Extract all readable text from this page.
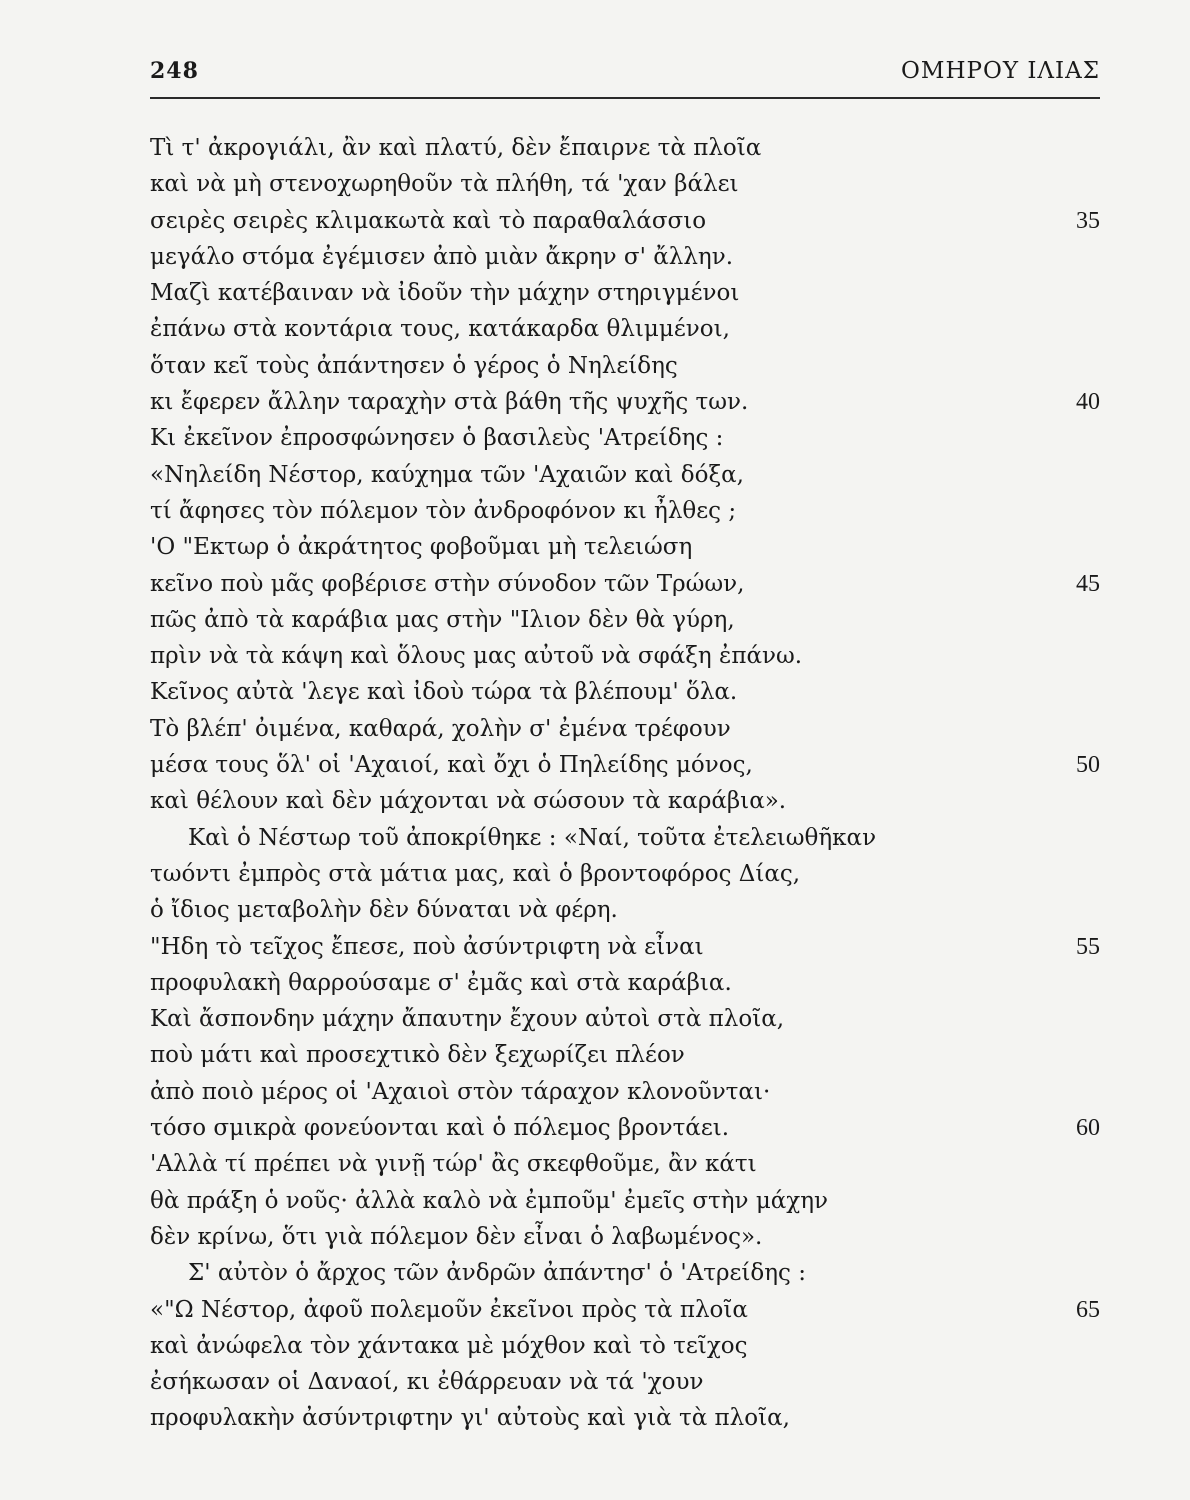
248	ΟΜΗΡΟΥ ΙΛΙΑΣ
Τὶ τ' ἀκρογιάλι, ἂν καὶ πλατύ, δὲν ἔπαιρνε τὰ πλοῖα
καὶ νὰ μὴ στενοχωρηθοῦν τὰ πλήθη, τά 'χαν βάλει
σειρὲς σειρὲς κλιμακωτὰ καὶ τὸ παραθαλάσσιο	35
μεγάλο στόμα ἐγέμισεν ἀπὸ μιὰν ἄκρην σ' ἄλλην.
Μαζὶ κατέβαιναν νὰ ἰδοῦν τὴν μάχην στηριγμένοι
ἐπάνω στὰ κοντάρια τους, κατάκαρδα θλιμμένοι,
ὅταν κεῖ τοὺς ἀπάντησεν ὁ γέρος ὁ Νηλείδης
κι ἔφερεν ἄλλην ταραχὴν στὰ βάθη τῆς ψυχῆς των.	40
Κι ἐκεῖνον ἐπροσφώνησεν ὁ βασιλεὺς 'Ατρείδης :
«Νηλείδη Νέστορ, καύχημα τῶν 'Αχαιῶν καὶ δόξα,
τί ἄφησες τὸν πόλεμον τὸν ἀνδροφόνον κι ἦλθες ;
'Ο "Εκτωρ ὁ ἀκράτητος φοβοῦμαι μὴ τελειώση
κεῖνο ποὺ μᾶς φοβέρισε στὴν σύνοδον τῶν Τρώων,	45
πῶς ἀπὸ τὰ καράβια μας στὴν "Ιλιον δὲν θὰ γύρη,
πρὶν νὰ τὰ κάψη καὶ ὅλους μας αὐτοῦ νὰ σφάξη ἐπάνω.
Κεῖνος αὐτὰ 'λεγε καὶ ἰδοὺ τώρα τὰ βλέπουμ' ὅλα.
Τὸ βλέπ' ὀιμένα, καθαρά, χολὴν σ' ἐμένα τρέφουν
μέσα τους ὅλ' οἱ 'Αχαιοί, καὶ ὄχι ὁ Πηλείδης μόνος,	50
καὶ θέλουν καὶ δὲν μάχονται νὰ σώσουν τὰ καράβια».
Καὶ ὁ Νέστωρ τοῦ ἀποκρίθηκε : «Ναί, τοῦτα ἐτελειωθῆκαν
τωόντι ἐμπρὸς στὰ μάτια μας, καὶ ὁ βροντοφόρος Δίας,
ὁ ἴδιος μεταβολὴν δὲν δύναται νὰ φέρη.
"Ηδη τὸ τεῖχος ἔπεσε, ποὺ ἀσύντριφτη νὰ εἶναι	55
προφυλακὴ θαρρούσαμε σ' ἐμᾶς καὶ στὰ καράβια.
Καὶ ἄσπονδην μάχην ἄπαυτην ἔχουν αὐτοὶ στὰ πλοῖα,
ποὺ μάτι καὶ προσεχτικὸ δὲν ξεχωρίζει πλέον
ἀπὸ ποιὸ μέρος οἱ 'Αχαιοὶ στὸν τάραχον κλονοῦνται·
τόσο σμικρὰ φονεύονται καὶ ὁ πόλεμος βροντάει.	60
'Αλλὰ τί πρέπει νὰ γινῇ τώρ' ἂς σκεφθοῦμε, ἂν κάτι
θὰ πράξη ὁ νοῦς· ἀλλὰ καλὸ νὰ ἐμποῦμ' ἐμεῖς στὴν μάχην
δὲν κρίνω, ὅτι γιὰ πόλεμον δὲν εἶναι ὁ λαβωμένος».
Σ' αὐτὸν ὁ ἄρχος τῶν ἀνδρῶν ἀπάντησ' ὁ 'Ατρείδης :
«"Ω Νέστορ, ἀφοῦ πολεμοῦν ἐκεῖνοι πρὸς τὰ πλοῖα	65
καὶ ἀνώφελα τὸν χάντακα μὲ μόχθον καὶ τὸ τεῖχος
ἐσήκωσαν οἱ Δαναοί, κι ἐθάρρευαν νὰ τά 'χουν
προφυλακὴν ἀσύντριφτην γι' αὐτοὺς καὶ γιὰ τὰ πλοῖα,
